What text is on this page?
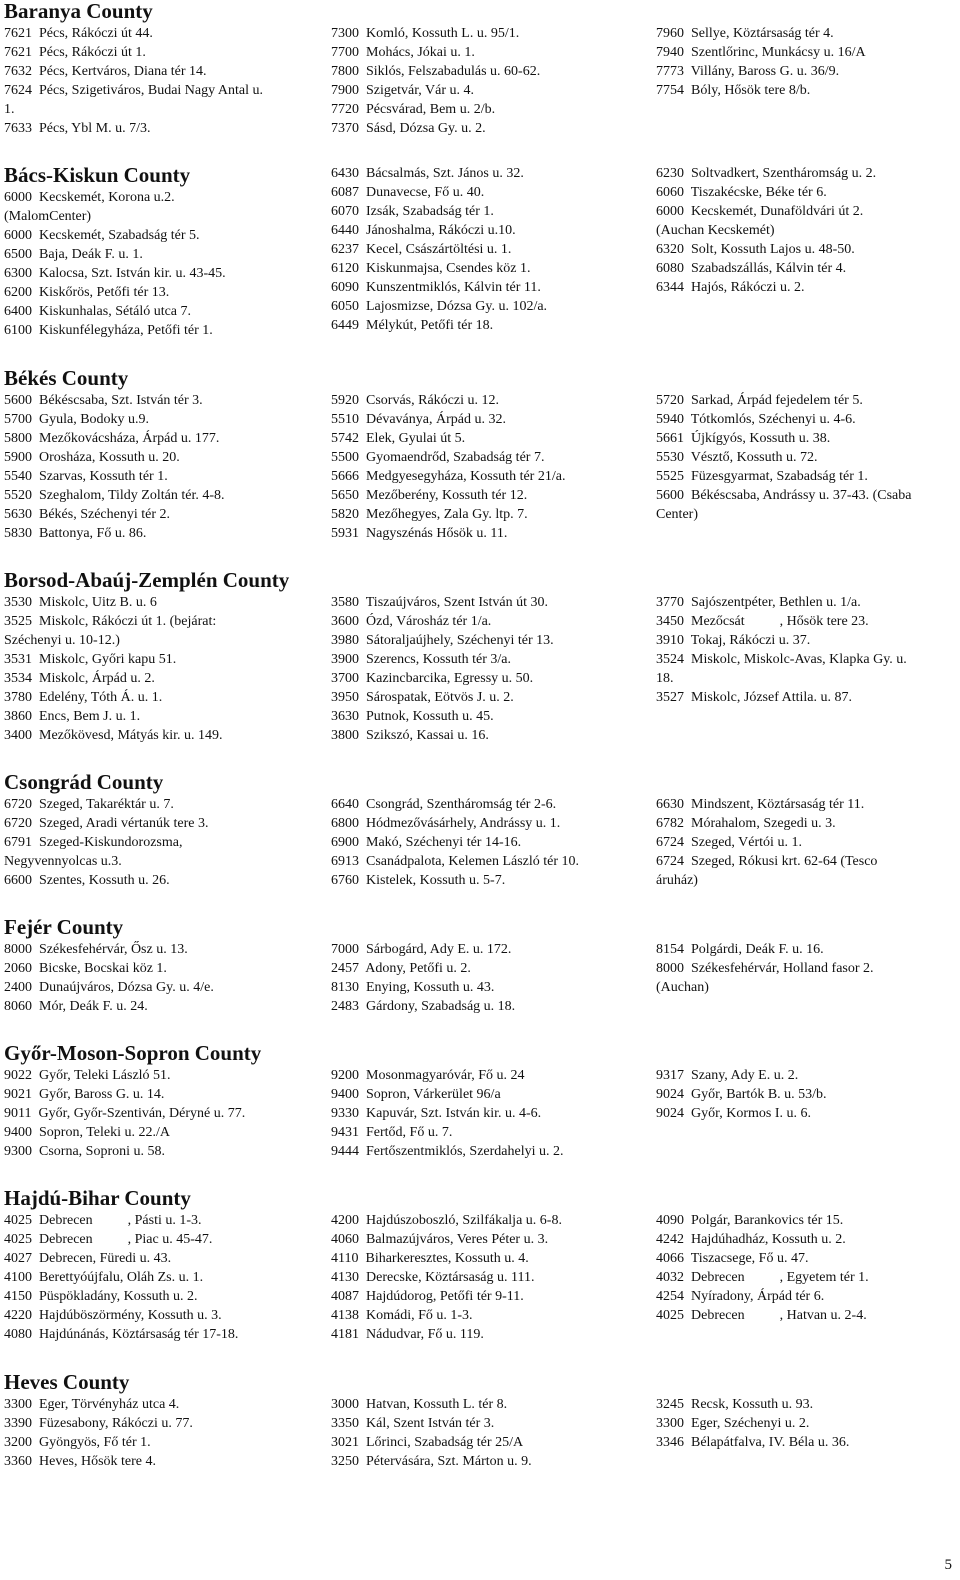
Baranya County
7621  Pécs, Rákóczi út 44.
7621  Pécs, Rákóczi út 1.
7632  Pécs, Kertváros, Diana tér 14.
7624  Pécs, Szigetiváros, Budai Nagy Antal u.
1.
7633  Pécs, Ybl M. u. 7/3.
7300  Komló, Kossuth L. u. 95/1.
7700  Mohács, Jókai u. 1.
7800  Siklós, Felszabadulás u. 60-62.
7900  Szigetvár, Vár u. 4.
7720  Pécsvárad, Bem u. 2/b.
7370  Sásd, Dózsa Gy. u. 2.
7960  Sellye, Köztársaság tér 4.
7940  Szentlőrinc, Munkácsy u. 16/A
7773  Villány, Baross G. u. 36/9.
7754  Bóly, Hősök tere 8/b.
Bács-Kiskun County
6000  Kecskemét, Korona u.2.
(MalomCenter)
6000  Kecskemét, Szabadság tér 5.
6500  Baja, Deák F. u. 1.
6300  Kalocsa, Szt. István kir. u. 43-45.
6200  Kiskőrös, Petőfi tér 13.
6400  Kiskunhalas, Sétáló utca 7.
6100  Kiskunfélegyháza, Petőfi tér 1.
6430  Bácsalmás, Szt. János u. 32.
6087  Dunavecse, Fő u. 40.
6070  Izsák, Szabadság tér 1.
6440  Jánoshalma, Rákóczi u.10.
6237  Kecel, Császártöltési u. 1.
6120  Kiskunmajsa, Csendes köz 1.
6090  Kunszentmiklós, Kálvin tér 11.
6050  Lajosmizse, Dózsa Gy. u. 102/a.
6449  Mélykút, Petőfi tér 18.
6230  Soltvadkert, Szentháromság u. 2.
6060  Tiszakécske, Béke tér 6.
6000  Kecskemét, Dunaföldvári út 2.
(Auchan Kecskemét)
6320  Solt, Kossuth Lajos u. 48-50.
6080  Szabadszállás, Kálvin tér 4.
6344  Hajós, Rákóczi u. 2.
Békés County
5600  Békéscsaba, Szt. István tér 3.
5700  Gyula, Bodoky u.9.
5800  Mezőkovácsháza, Árpád u. 177.
5900  Orosháza, Kossuth u. 20.
5540  Szarvas, Kossuth tér 1.
5520  Szeghalom, Tildy Zoltán tér. 4-8.
5630  Békés, Széchenyi tér 2.
5830  Battonya, Fő u. 86.
5920  Csorvás, Rákóczi u. 12.
5510  Dévaványa, Árpád u. 32.
5742  Elek, Gyulai út 5.
5500  Gyomaendrőd, Szabadság tér 7.
5666  Medgyesegyháza, Kossuth tér 21/a.
5650  Mezőberény, Kossuth tér 12.
5820  Mezőhegyes, Zala Gy. ltp. 7.
5931  Nagyszénás Hősök u. 11.
5720  Sarkad, Árpád fejedelem tér 5.
5940  Tótkomlós, Széchenyi u. 4-6.
5661  Újkígyós, Kossuth u. 38.
5530  Vésztő, Kossuth u. 72.
5525  Füzesgyarmat, Szabadság tér 1.
5600  Békéscsaba, Andrássy u. 37-43. (Csaba
Center)
Borsod-Abaúj-Zemplén County
3530  Miskolc, Uitz B. u. 6
3525  Miskolc, Rákóczi út 1. (bejárat:
Széchenyi u. 10-12.)
3531  Miskolc, Győri kapu 51.
3534  Miskolc, Árpád u. 2.
3780  Edelény, Tóth Á. u. 1.
3860  Encs, Bem J. u. 1.
3400  Mezőkövesd, Mátyás kir. u. 149.
3580  Tiszaújváros, Szent István út 30.
3600  Ózd, Városház tér 1/a.
3980  Sátoraljaújhely, Széchenyi tér 13.
3900  Szerencs, Kossuth tér 3/a.
3700  Kazincbarcika, Egressy u. 50.
3950  Sárospatak, Eötvös J. u. 2.
3630  Putnok, Kossuth u. 45.
3800  Szikszó, Kassai u. 16.
3770  Sajószentpéter, Bethlen u. 1/a.
3450  Mezőcsát          , Hősök tere 23.
3910  Tokaj, Rákóczi u. 37.
3524  Miskolc, Miskolc-Avas, Klapka Gy. u.
18.
3527  Miskolc, József Attila. u. 87.
Csongrád County
6720  Szeged, Takaréktár u. 7.
6720  Szeged, Aradi vértanúk tere 3.
6791  Szeged-Kiskundorozsma,
Negyvennyolcas u.3.
6600  Szentes, Kossuth u. 26.
6640  Csongrád, Szentháromság tér 2-6.
6800  Hódmezővásárhely, Andrássy u. 1.
6900  Makó, Széchenyi tér 14-16.
6913  Csanádpalota, Kelemen László tér 10.
6760  Kistelek, Kossuth u. 5-7.
6630  Mindszent, Köztársaság tér 11.
6782  Mórahalom, Szegedi u. 3.
6724  Szeged, Vértói u. 1.
6724  Szeged, Rókusi krt. 62-64 (Tesco
áruház)
Fejér County
8000  Székesfehérvár, Ősz u. 13.
2060  Bicske, Bocskai köz 1.
2400  Dunaújváros, Dózsa Gy. u. 4/e.
8060  Mór, Deák F. u. 24.
7000  Sárbogárd, Ady E. u. 172.
2457  Adony, Petőfi u. 2.
8130  Enying, Kossuth u. 43.
2483  Gárdony, Szabadság u. 18.
8154  Polgárdi, Deák F. u. 16.
8000  Székesfehérvár, Holland fasor 2.
(Auchan)
Győr-Moson-Sopron County
9022  Győr, Teleki László 51.
9021  Győr, Baross G. u. 14.
9011  Győr, Győr-Szentiván, Déryné u. 77.
9400  Sopron, Teleki u. 22./A
9300  Csorna, Soproni u. 58.
9200  Mosonmagyaróvár, Fő u. 24
9400  Sopron, Várkerület 96/a
9330  Kapuvár, Szt. István kir. u. 4-6.
9431  Fertőd, Fő u. 7.
9444  Fertőszentmiklós, Szerdahelyi u. 2.
9317  Szany, Ady E. u. 2.
9024  Győr, Bartók B. u. 53/b.
9024  Győr, Kormos I. u. 6.
Hajdú-Bihar County
4025  Debrecen          , Pásti u. 1-3.
4025  Debrecen          , Piac u. 45-47.
4027  Debrecen, Füredi u. 43.
4100  Berettyóújfalu, Oláh Zs. u. 1.
4150  Püspökladány, Kossuth u. 2.
4220  Hajdúböszörmény, Kossuth u. 3.
4080  Hajdúnánás, Köztársaság tér 17-18.
4200  Hajdúszoboszló, Szilfákalja u. 6-8.
4060  Balmazújváros, Veres Péter u. 3.
4110  Biharkeresztes, Kossuth u. 4.
4130  Derecske, Köztársaság u. 111.
4087  Hajdúdorog, Petőfi tér 9-11.
4138  Komádi, Fő u. 1-3.
4181  Nádudvar, Fő u. 119.
4090  Polgár, Barankovics tér 15.
4242  Hajdúhadház, Kossuth u. 2.
4066  Tiszacsege, Fő u. 47.
4032  Debrecen          , Egyetem tér 1.
4254  Nyíradony, Árpád tér 6.
4025  Debrecen          , Hatvan u. 2-4.
Heves County
3300  Eger, Törvényház utca 4.
3390  Füzesabony, Rákóczi u. 77.
3200  Gyöngyös, Fő tér 1.
3360  Heves, Hősök tere 4.
3000  Hatvan, Kossuth L. tér 8.
3350  Kál, Szent István tér 3.
3021  Lőrinci, Szabadság tér 25/A
3250  Pétervására, Szt. Márton u. 9.
3245  Recsk, Kossuth u. 93.
3300  Eger, Széchenyi u. 2.
3346  Bélapátfalva, IV. Béla u. 36.
5
